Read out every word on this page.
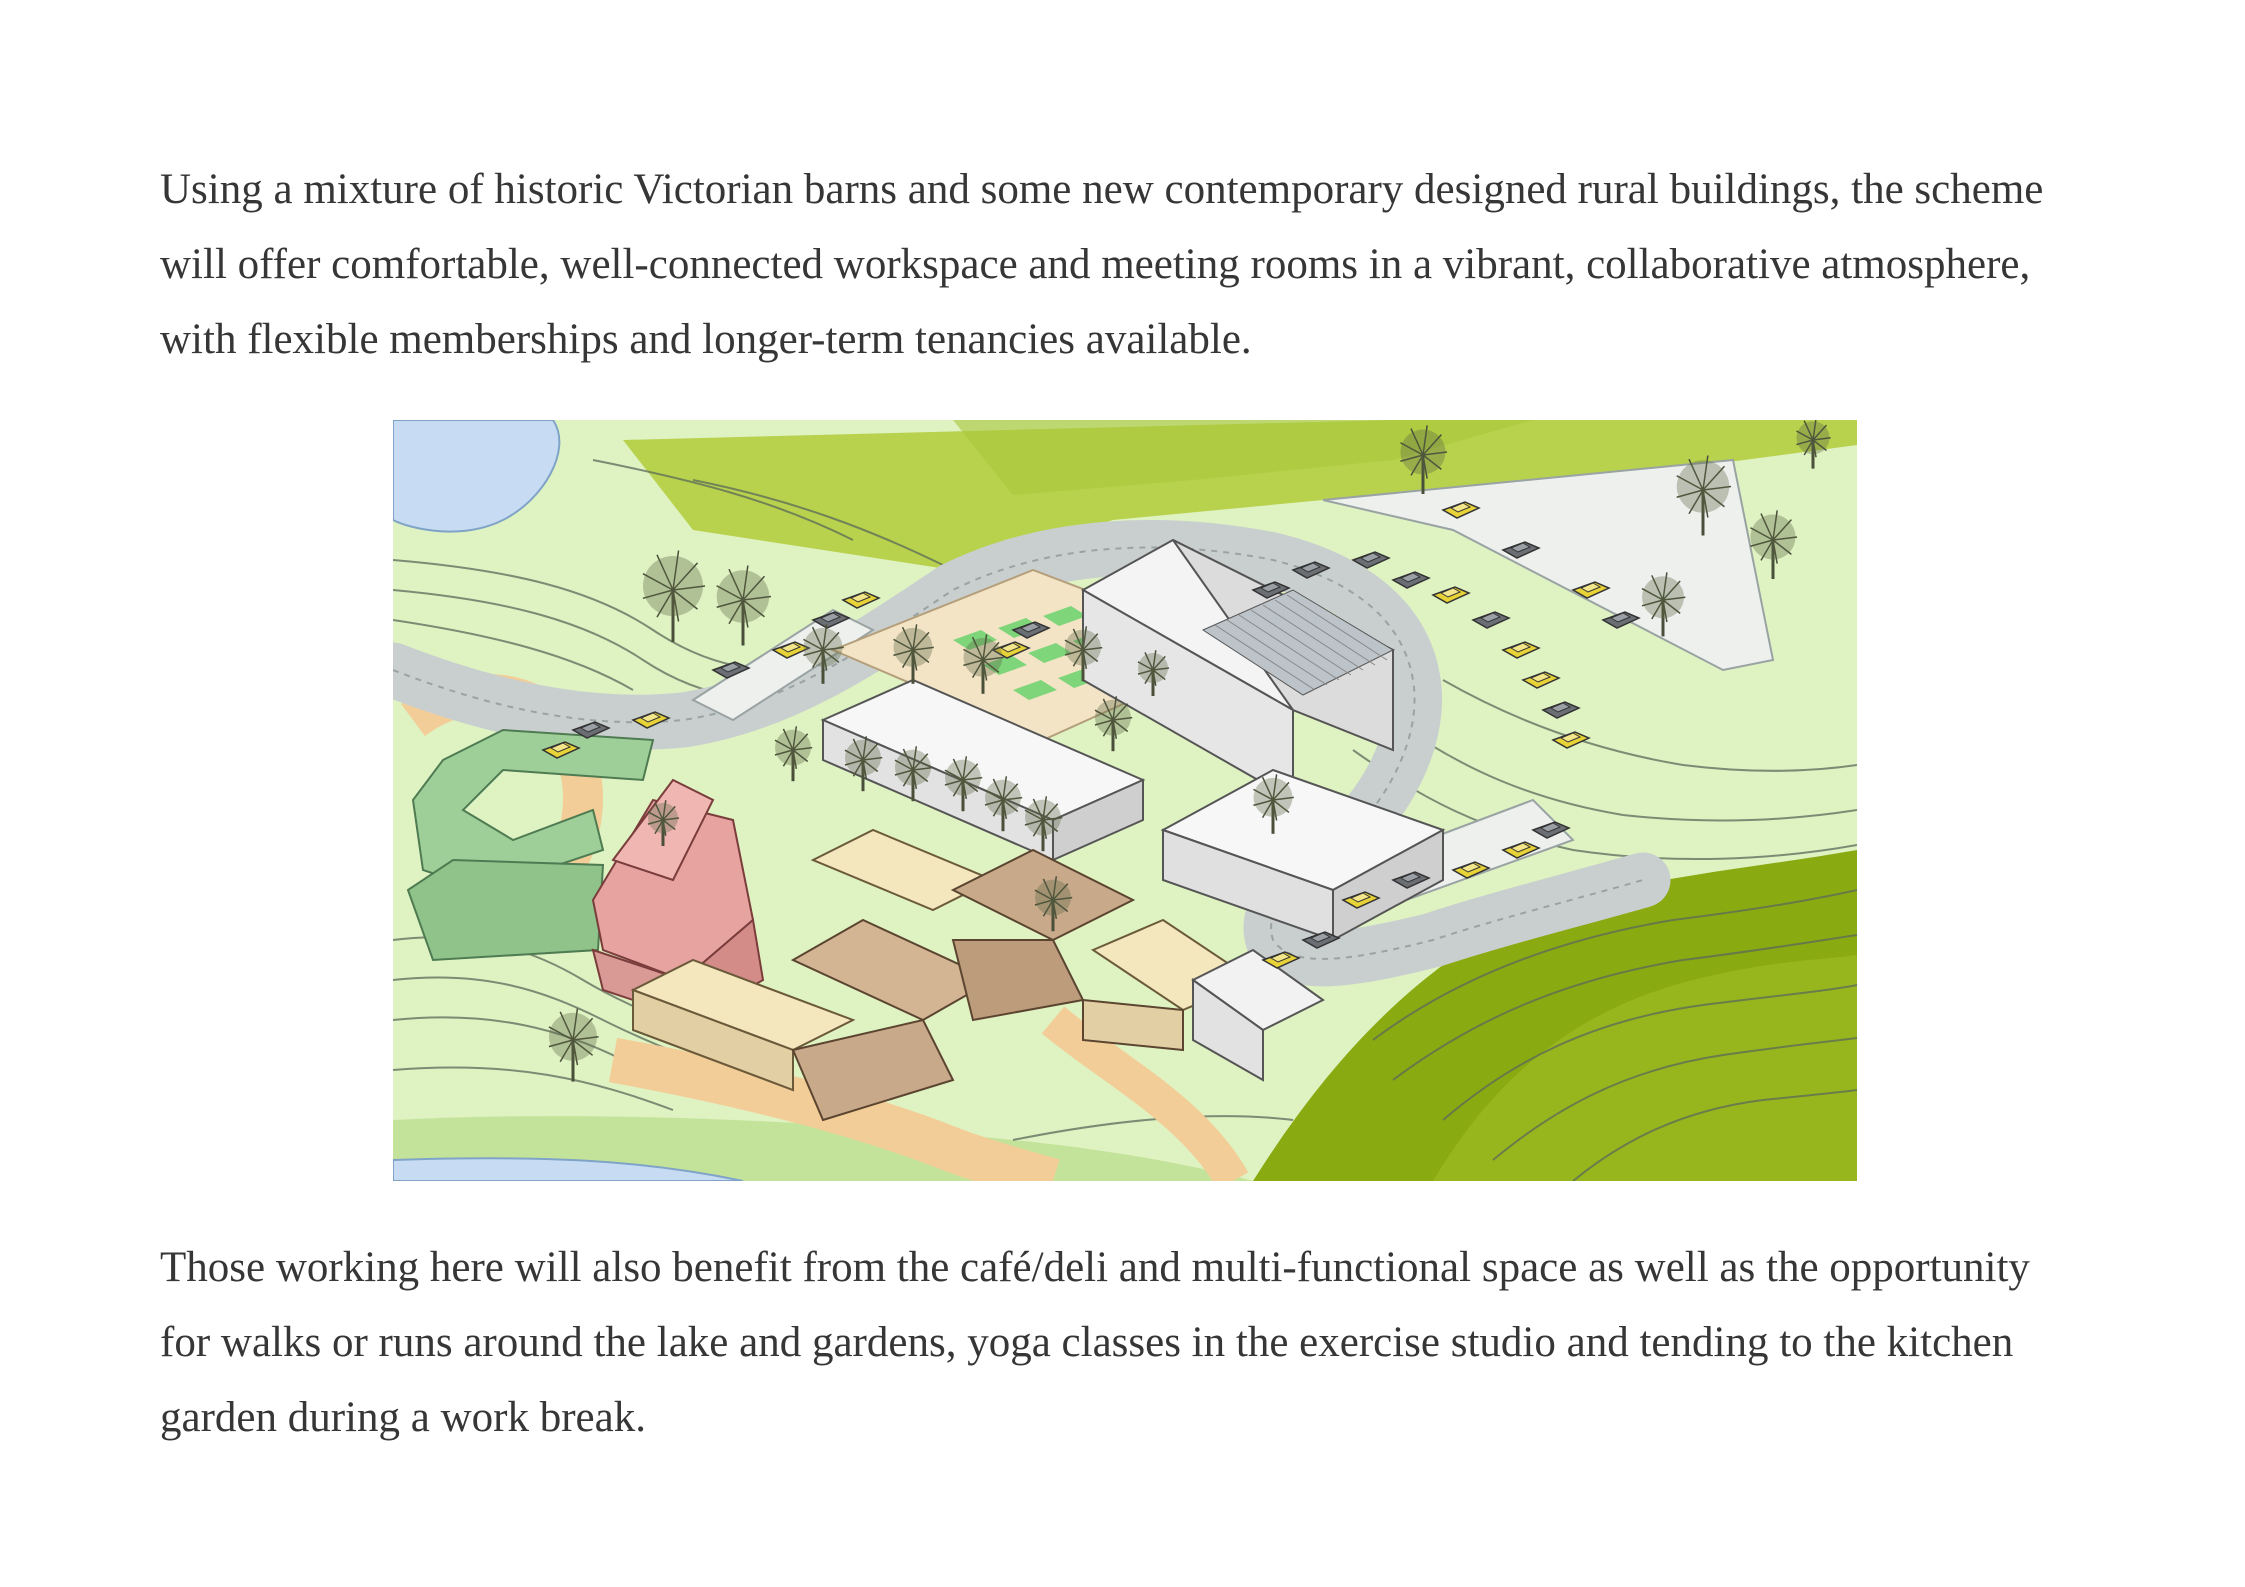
Using a mixture of historic Victorian barns and some new contemporary designed rural buildings, the scheme will offer comfortable, well-connected workspace and meeting rooms in a vibrant, collaborative atmosphere, with flexible memberships and longer-term tenancies available.

Those working here will also benefit from the café/deli and multi-functional space as well as the opportunity for walks or runs around the lake and gardens, yoga classes in the exercise studio and tending to the kitchen garden during a work break.
